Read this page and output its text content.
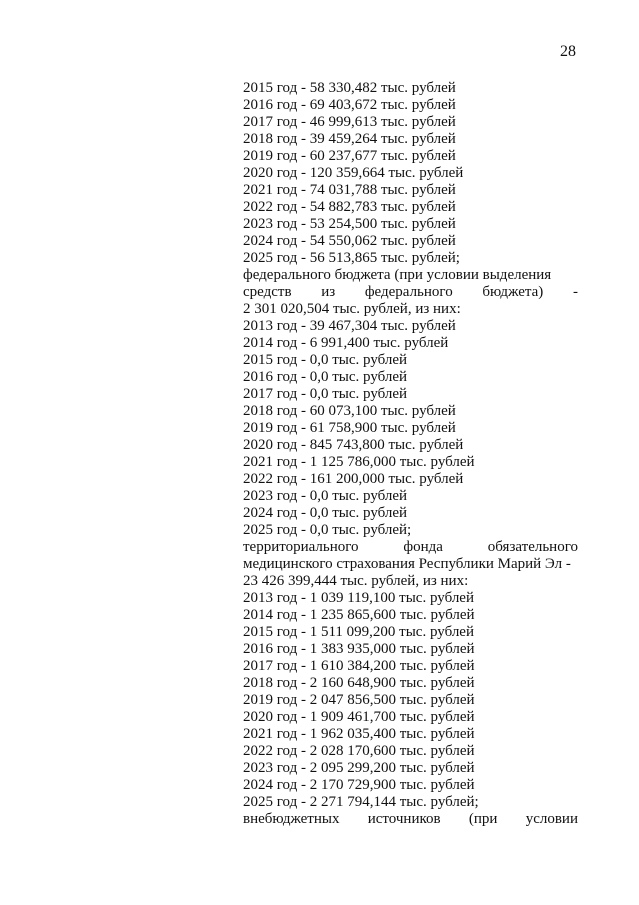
28
2015 год - 58 330,482 тыс. рублей
2016 год - 69 403,672 тыс. рублей
2017 год - 46 999,613 тыс. рублей
2018 год - 39 459,264 тыс. рублей
2019 год - 60 237,677 тыс. рублей
2020 год - 120 359,664 тыс. рублей
2021 год - 74 031,788 тыс. рублей
2022 год - 54 882,783 тыс. рублей
2023 год - 53 254,500 тыс. рублей
2024 год - 54 550,062 тыс. рублей
2025 год - 56 513,865 тыс. рублей;
федерального бюджета (при условии выделения
средств из федерального бюджета) -
2 301 020,504 тыс. рублей, из них:
2013 год - 39 467,304 тыс. рублей
2014 год - 6 991,400 тыс. рублей
2015 год - 0,0 тыс. рублей
2016 год - 0,0 тыс. рублей
2017 год - 0,0 тыс. рублей
2018 год - 60 073,100 тыс. рублей
2019 год - 61 758,900 тыс. рублей
2020 год - 845 743,800 тыс. рублей
2021 год - 1 125 786,000 тыс. рублей
2022 год - 161 200,000 тыс. рублей
2023 год - 0,0 тыс. рублей
2024 год - 0,0 тыс. рублей
2025 год - 0,0 тыс. рублей;
территориального	фонда	обязательного
медицинского страхования Республики Марий Эл -
23 426 399,444 тыс. рублей, из них:
2013 год - 1 039 119,100 тыс. рублей
2014 год - 1 235 865,600 тыс. рублей
2015 год - 1 511 099,200 тыс. рублей
2016 год - 1 383 935,000 тыс. рублей
2017 год - 1 610 384,200 тыс. рублей
2018 год - 2 160 648,900 тыс. рублей
2019 год - 2 047 856,500 тыс. рублей
2020 год - 1 909 461,700 тыс. рублей
2021 год - 1 962 035,400 тыс. рублей
2022 год - 2 028 170,600 тыс. рублей
2023 год - 2 095 299,200 тыс. рублей
2024 год - 2 170 729,900 тыс. рублей
2025 год - 2 271 794,144 тыс. рублей;
внебюджетных источников (при условии
